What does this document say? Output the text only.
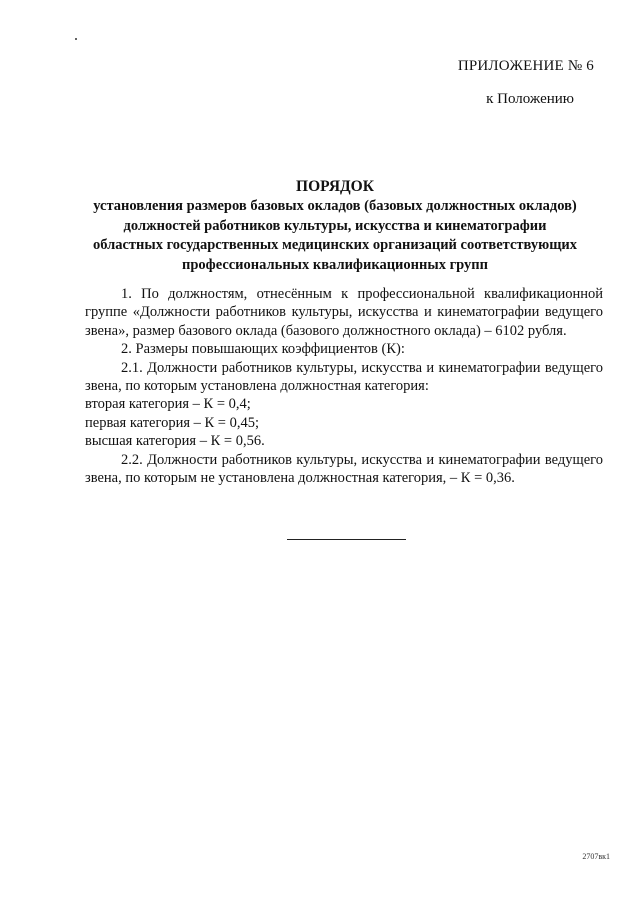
ПРИЛОЖЕНИЕ № 6
к Положению
ПОРЯДОК
установления размеров базовых окладов (базовых должностных окладов)
должностей работников культуры, искусства и кинематографии
областных государственных медицинских организаций соответствующих
профессиональных квалификационных групп

1. По должностям, отнесённым к профессиональной квалификационной группе «Должности работников культуры, искусства и кинематографии ведущего звена», размер базового оклада (базового должностного оклада) – 6102 рубля.

2. Размеры повышающих коэффициентов (К):

2.1. Должности работников культуры, искусства и кинематографии ведущего звена, по которым установлена должностная категория:

вторая категория – К = 0,4;

первая категория – К = 0,45;

высшая категория – К = 0,56.

2.2. Должности работников культуры, искусства и кинематографии ведущего звена, по которым не установлена должностная категория, – К = 0,36.

2707вк1
